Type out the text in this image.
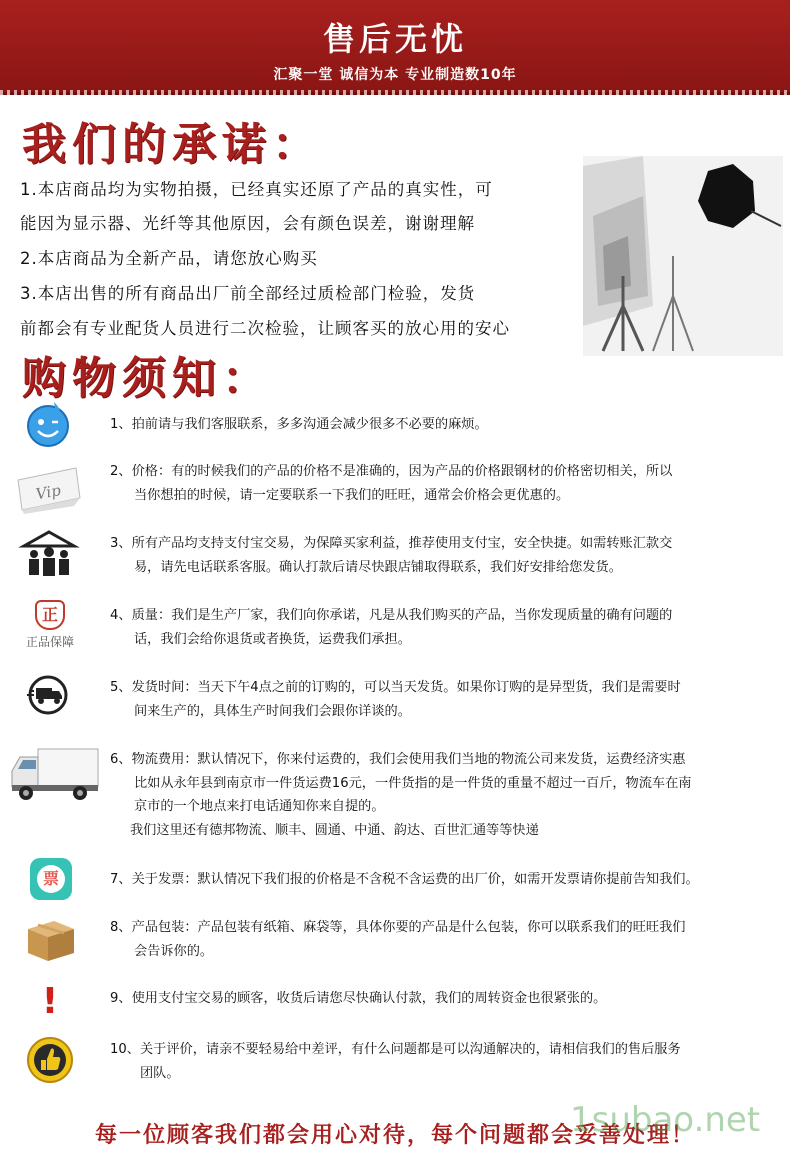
售后无忧
汇聚一堂 诚信为本 专业制造数10年
我们的承诺：
1.本店商品均为实物拍摄，已经真实还原了产品的真实性，可
能因为显示器、光纤等其他原因，会有颜色误差，谢谢理解
2.本店商品为全新产品，请您放心购买
3.本店出售的所有商品出厂前全部经过质检部门检验，发货
前都会有专业配货人员进行二次检验，让顾客买的放心用的安心
购物须知：
1、拍前请与我们客服联系，多多沟通会减少很多不必要的麻烦。
Vip
2、价格：有的时候我们的产品的价格不是准确的，因为产品的价格跟钢材的价格密切相关，所以
当你想拍的时候，请一定要联系一下我们的旺旺，通常会价格会更优惠的。
3、所有产品均支持支付宝交易，为保障买家利益，推荐使用支付宝，安全快捷。如需转账汇款交
易，请先电话联系客服。确认打款后请尽快跟店铺取得联系，我们好安排给您发货。
正
正品保障
4、质量：我们是生产厂家，我们向你承诺，凡是从我们购买的产品，当你发现质量的确有问题的
话，我们会给你退货或者换货，运费我们承担。
5、发货时间：当天下午4点之前的订购的，可以当天发货。如果你订购的是异型货，我们是需要时
间来生产的，具体生产时间我们会跟你详谈的。
6、物流费用：默认情况下，你来付运费的，我们会使用我们当地的物流公司来发货，运费经济实惠
比如从永年县到南京市一件货运费16元，一件货指的是一件货的重量不超过一百斤，物流车在南
京市的一个地点来打电话通知你来自提的。
我们这里还有德邦物流、顺丰、圆通、中通、韵达、百世汇通等等快递
票	7、关于发票：默认情况下我们报的价格是不含税不含运费的出厂价，如需开发票请你提前告知我们。
8、产品包装：产品包装有纸箱、麻袋等，具体你要的产品是什么包装，你可以联系我们的旺旺我们
会告诉你的。
!	9、使用支付宝交易的顾客，收货后请您尽快确认付款，我们的周转资金也很紧张的。
10、关于评价，请亲不要轻易给中差评，有什么问题都是可以沟通解决的，请相信我们的售后服务
团队。
每一位顾客我们都会用心对待，每个问题都会妥善处理！
1subao.net
